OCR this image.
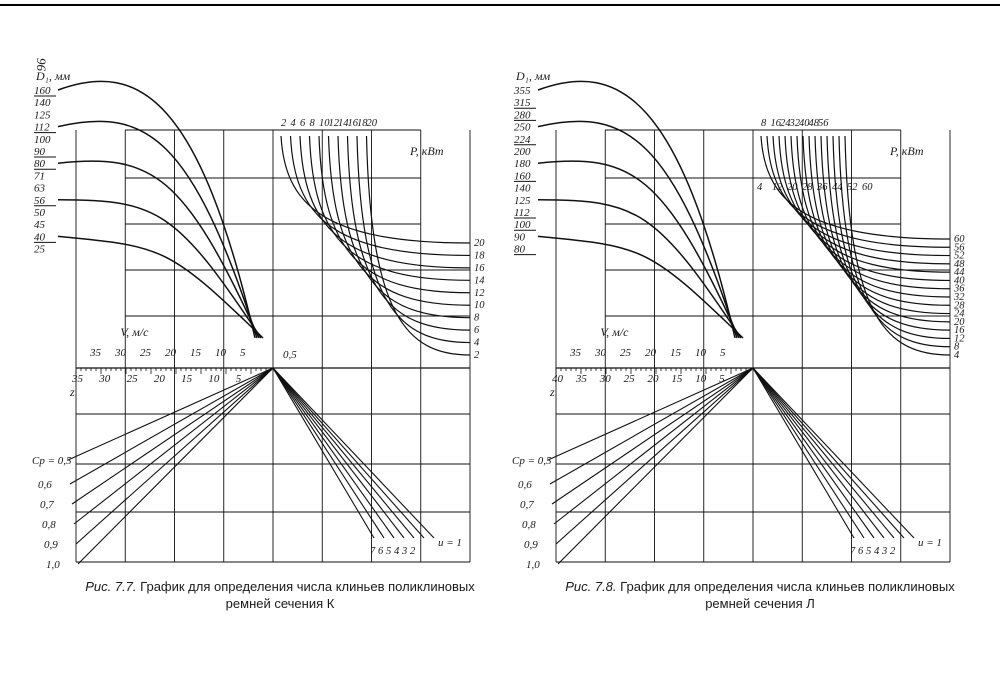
96
D₁, мм
160
140
125
112
100
90
80
71
63
56
50
45
40
25
P, кВт
2 4 6 8 10 12 14 16 18 20
20
18
16
14
12
10
8
6
4
2
0,5
V, м/с
35 30 25 20 15 10 5
35 30 25 20 15 10 5
z
Cp = 0,5
0,6
0,7
0,8
0,9
1,0
u = 1
7 6 5 4 3 2
Рис. 7.7. График для определения числа клиньев поликлиновых
ремней сечения К
D₁, мм
355
315
280
250
224
200
180
160
140
125
112
100
90
80
P, кВт
8 16 24 32 40 48 56
4 12 20 28 36 44 52 60
60
56
52
48
44
40
36
32
28
24
20
16
12
8
4
V, м/с
35 30 25 20 15 10 5
40 35 30 25 20 15 10 5
z
Cp = 0,5
0,6
0,7
0,8
0,9
1,0
u = 1
7 6 5 4 3 2
Рис. 7.8. График для определения числа клиньев поликлиновых
ремней сечения Л
